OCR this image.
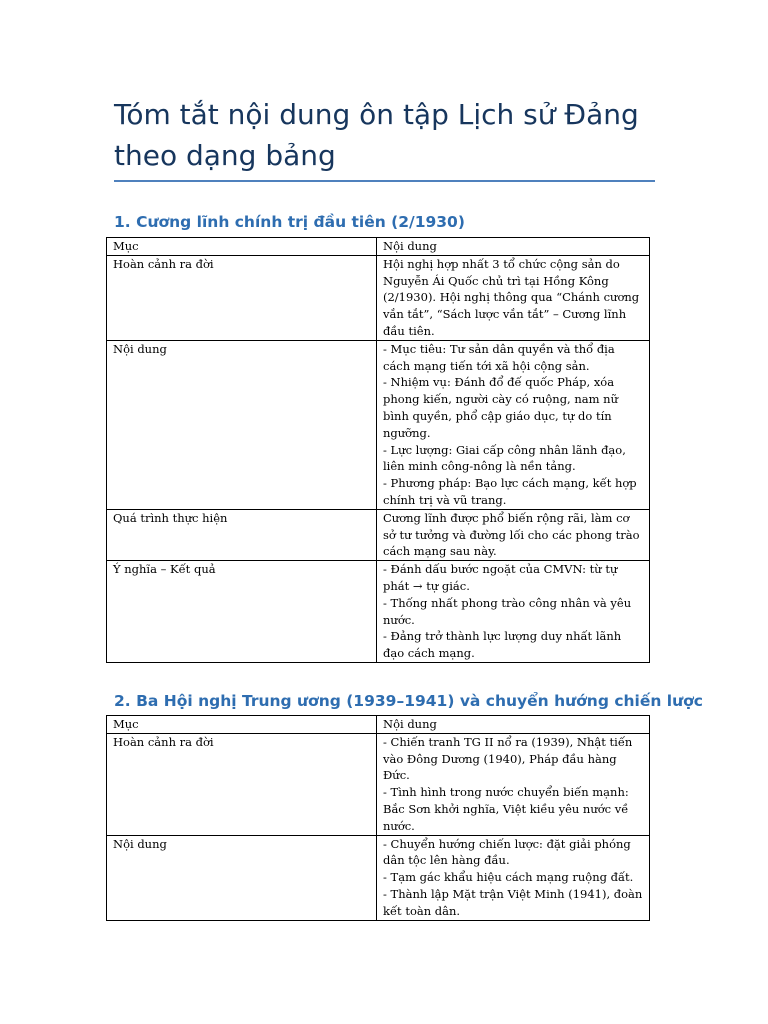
Tóm tắt nội dung ôn tập Lịch sử Đảng theo dạng bảng
1. Cương lĩnh chính trị đầu tiên (2/1930)
Mục	Nội dung
Hoàn cảnh ra đời	Hội nghị hợp nhất 3 tổ chức cộng sản do Nguyễn Ái Quốc chủ trì tại Hồng Kông (2/1930). Hội nghị thông qua “Chánh cương vắn tắt”, “Sách lược vắn tắt” – Cương lĩnh đầu tiên.

Nội dung	- Mục tiêu: Tư sản dân quyền và thổ địa cách mạng tiến tới xã hội cộng sản.
- Nhiệm vụ: Đánh đổ đế quốc Pháp, xóa phong kiến, người cày có ruộng, nam nữ bình quyền, phổ cập giáo dục, tự do tín ngưỡng.
- Lực lượng: Giai cấp công nhân lãnh đạo, liên minh công-nông là nền tảng.
- Phương pháp: Bạo lực cách mạng, kết hợp chính trị và vũ trang.

Quá trình thực hiện	Cương lĩnh được phổ biến rộng rãi, làm cơ sở tư tưởng và đường lối cho các phong trào cách mạng sau này.

Ý nghĩa – Kết quả	- Đánh dấu bước ngoặt của CMVN: từ tự phát → tự giác.
- Thống nhất phong trào công nhân và yêu nước.
- Đảng trở thành lực lượng duy nhất lãnh đạo cách mạng.
2. Ba Hội nghị Trung ương (1939–1941) và chuyển hướng chiến lược
Mục	Nội dung
Hoàn cảnh ra đời	- Chiến tranh TG II nổ ra (1939), Nhật tiến vào Đông Dương (1940), Pháp đầu hàng Đức.
- Tình hình trong nước chuyển biến mạnh: Bắc Sơn khởi nghĩa, Việt kiều yêu nước về nước.

Nội dung	- Chuyển hướng chiến lược: đặt giải phóng dân tộc lên hàng đầu.
- Tạm gác khẩu hiệu cách mạng ruộng đất.
- Thành lập Mặt trận Việt Minh (1941), đoàn kết toàn dân.
